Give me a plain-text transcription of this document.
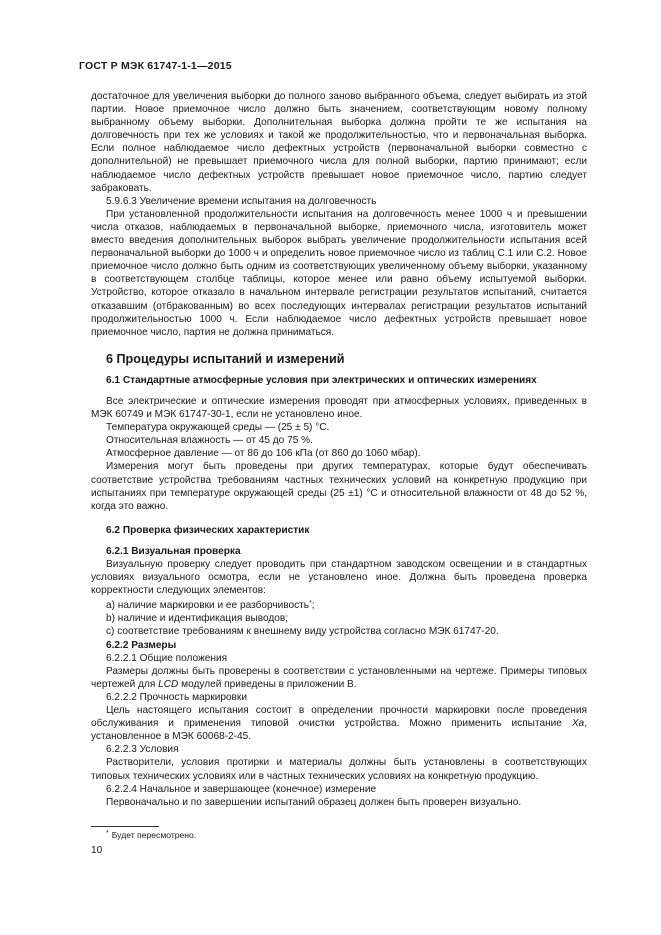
ГОСТ Р МЭК 61747-1-1—2015

достаточное для увеличения выборки до полного заново выбранного объема, следует выбирать из этой партии. Новое приемочное число должно быть значением, соответствующим новому полному выбранному объему выборки. Дополнительная выборка должна пройти те же испытания на долговечность при тех же условиях и такой же продолжительностью, что и первоначальная выборка. Если полное наблюдаемое число дефектных устройств (первоначальной выборки совместно с дополнительной) не превышает приемочного числа для полной выборки, партию принимают; если наблюдаемое число дефектных устройств превышает новое приемочное число, партию следует забраковать.

5.9.6.3 Увеличение времени испытания на долговечность

При установленной продолжительности испытания на долговечность менее 1000 ч и превышении числа отказов, наблюдаемых в первоначальной выборке, приемочного числа, изготовитель может вместо введения дополнительных выборок выбрать увеличение продолжительности испытания всей первоначальной выборки до 1000 ч и определить новое приемочное число из таблиц С.1 или С.2. Новое приемочное число должно быть одним из соответствующих увеличенному объему выборки, указанному в соответствующем столбце таблицы, которое менее или равно объему испытуемой выборки. Устройство, которое отказало в начальном интервале регистрации результатов испытаний, считается отказавшим (отбракованным) во всех последующих интервалах регистрации результатов испытаний продолжительностью 1000 ч. Если наблюдаемое число дефектных устройств превышает новое приемочное число, партия не должна приниматься.

6 Процедуры испытаний и измерений
6.1 Стандартные атмосферные условия при электрических и оптических измерениях

Все электрические и оптические измерения проводят при атмосферных условиях, приведенных в МЭК 60749 и МЭК 61747-30-1, если не установлено иное.

Температура окружающей среды — (25 ± 5) °С.

Относительная влажность — от 45 до 75 %.

Атмосферное давление — от 86 до 106 кПа (от 860 до 1060 мбар).

Измерения могут быть проведены при других температурах, которые будут обеспечивать соответствие устройства требованиям частных технических условий на конкретную продукцию при испытаниях при температуре окружающей среды (25 ±1) °С и относительной влажности от 48 до 52 %, когда это важно.

6.2 Проверка физических характеристик

6.2.1 Визуальная проверка

Визуальную проверку следует проводить при стандартном заводском освещении и в стандартных условиях визуального осмотра, если не установлено иное. Должна быть проведена проверка корректности следующих элементов:

a) наличие маркировки и ее разборчивость*;

b) наличие и идентификация выводов;

c) соответствие требованиям к внешнему виду устройства согласно МЭК 61747-20.

6.2.2 Размеры

6.2.2.1 Общие положения

Размеры должны быть проверены в соответствии с установленными на чертеже. Примеры типовых чертежей для LCD модулей приведены в приложении В.

6.2.2.2 Прочность маркировки

Цель настоящего испытания состоит в определении прочности маркировки после проведения обслуживания и применения типовой очистки устройства. Можно применить испытание Ха, установленное в МЭК 60068-2-45.

6.2.2.3 Условия

Растворители, условия протирки и материалы должны быть установлены в соответствующих типовых технических условиях или в частных технических условиях на конкретную продукцию.

6.2.2.4 Начальное и завершающее (конечное) измерение

Первоначально и по завершении испытаний образец должен быть проверен визуально.

* Будет пересмотрено.
10
